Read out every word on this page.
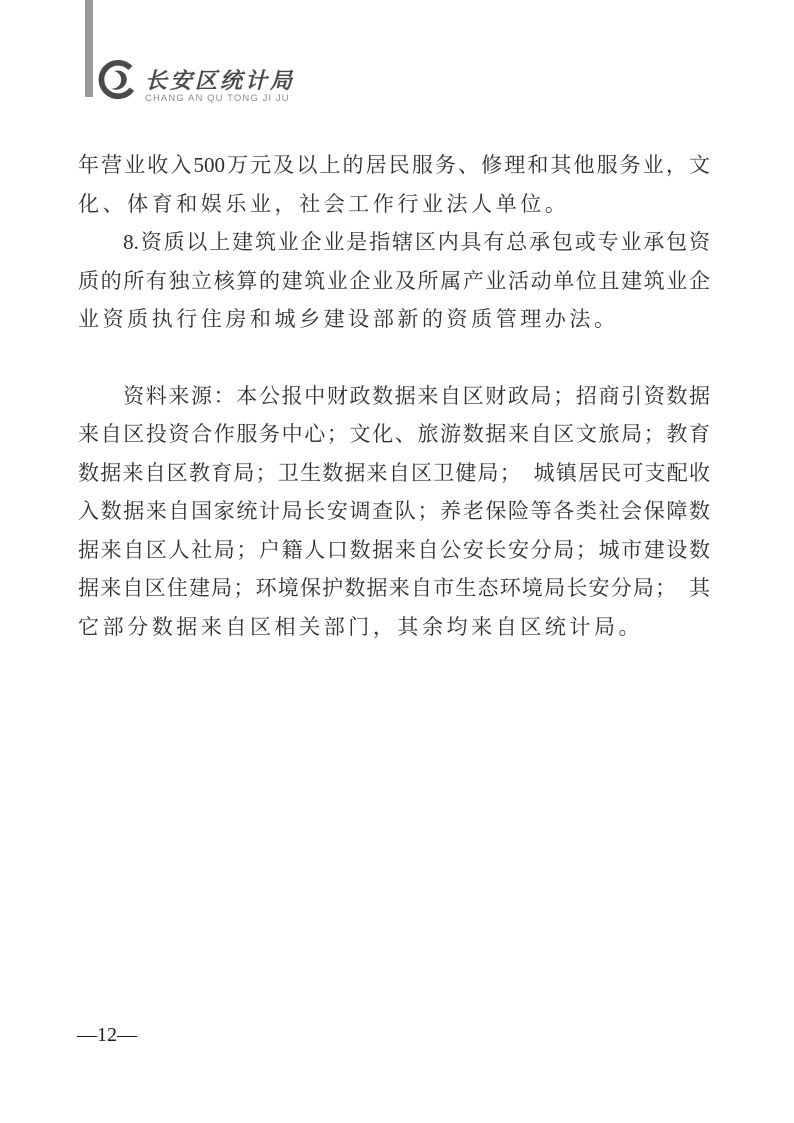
长安区统计局
CHANG AN QU TONG JI JU
年营业收入500万元及以上的居民服务、修理和其他服务业，文
化、体育和娱乐业，社会工作行业法人单位。
8.资质以上建筑业企业是指辖区内具有总承包或专业承包资
质的所有独立核算的建筑业企业及所属产业活动单位且建筑业企
业资质执行住房和城乡建设部新的资质管理办法。
资料来源：本公报中财政数据来自区财政局；招商引资数据
来自区投资合作服务中心；文化、旅游数据来自区文旅局；教育
数据来自区教育局；卫生数据来自区卫健局；　城镇居民可支配收
入数据来自国家统计局长安调查队；养老保险等各类社会保障数
据来自区人社局；户籍人口数据来自公安长安分局；城市建设数
据来自区住建局；环境保护数据来自市生态环境局长安分局；　其
它部分数据来自区相关部门，其余均来自区统计局。
—12—
